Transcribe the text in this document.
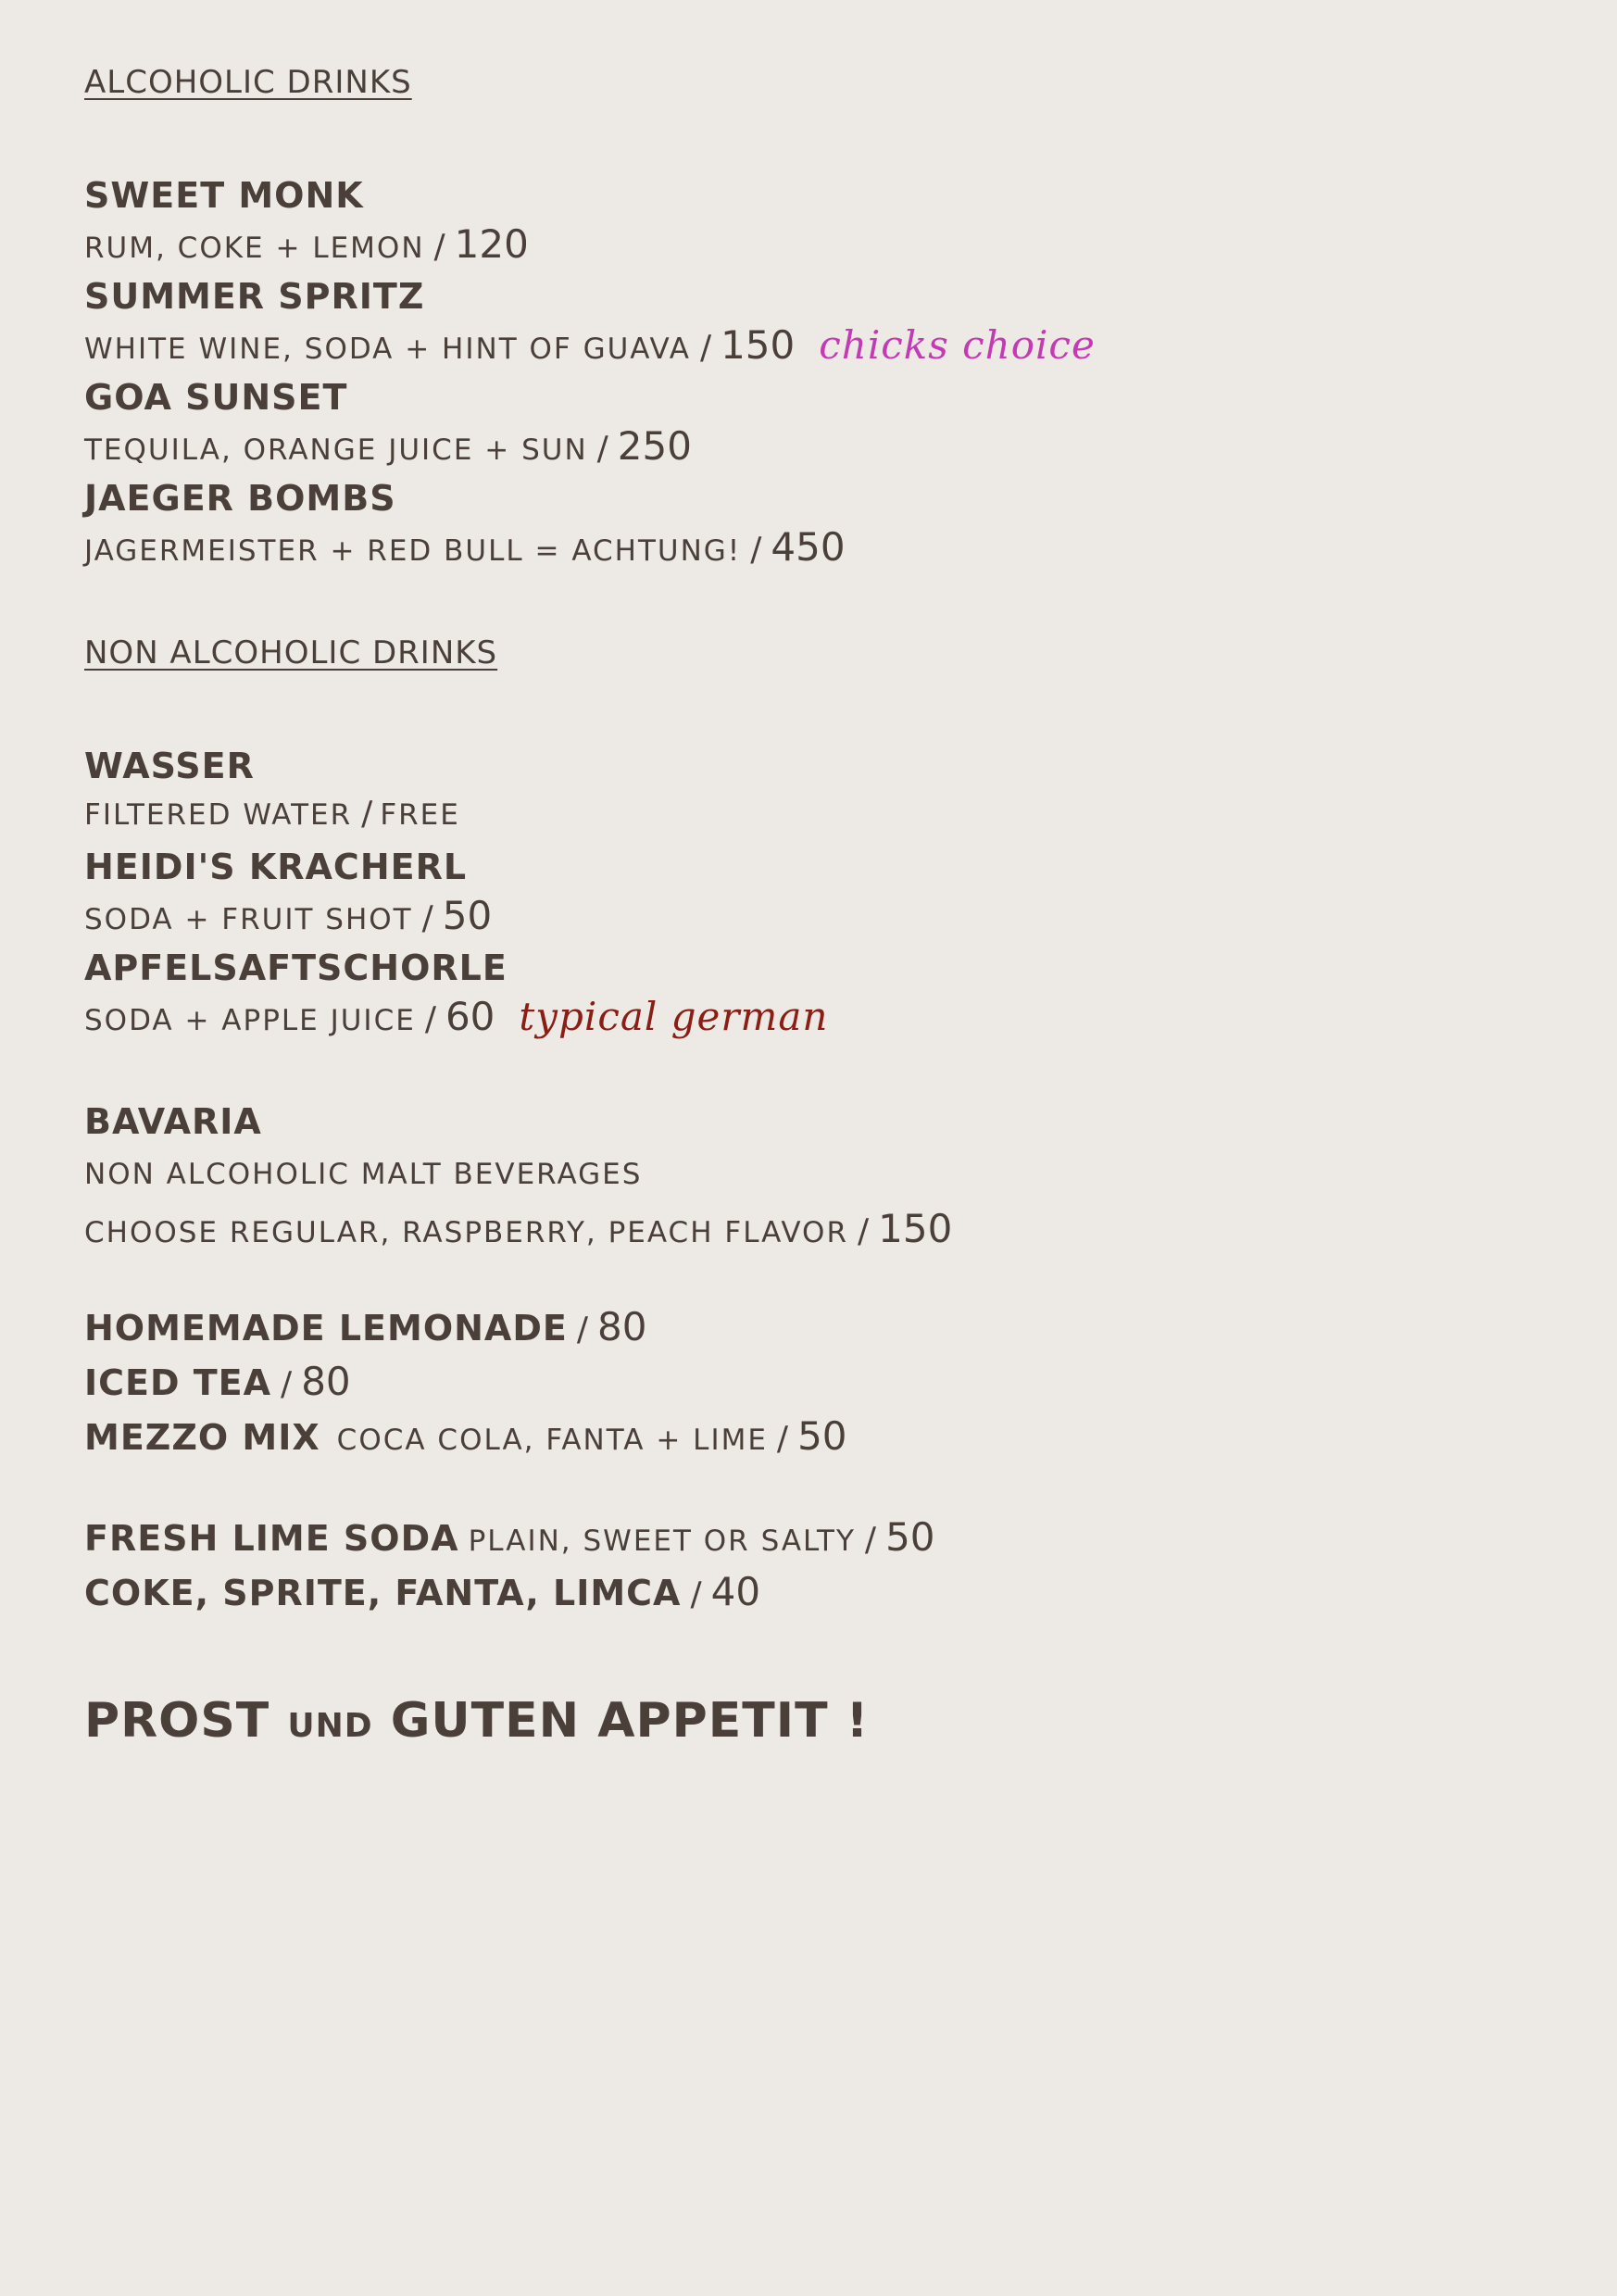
ALCOHOLIC DRINKS
SWEET MONK
RUM, COKE + LEMON / 120
SUMMER SPRITZ
WHITE WINE, SODA + HINT OF GUAVA / 150 chicks choice
GOA SUNSET
TEQUILA, ORANGE JUICE + SUN / 250
JAEGER BOMBS
JAGERMEISTER + RED BULL = ACHTUNG! / 450
NON ALCOHOLIC DRINKS
WASSER
FILTERED WATER / FREE
HEIDI'S KRACHERL
SODA + FRUIT SHOT / 50
APFELSAFTSCHORLE
SODA + APPLE JUICE / 60 typical german
BAVARIA
NON ALCOHOLIC MALT BEVERAGES
CHOOSE REGULAR, RASPBERRY, PEACH FLAVOR / 150
HOMEMADE LEMONADE / 80
ICED TEA / 80
MEZZO MIX COCA COLA, FANTA + LIME / 50
FRESH LIME SODA PLAIN, SWEET OR SALTY / 50
COKE, SPRITE, FANTA, LIMCA / 40
PROST UND GUTEN APPETIT !
